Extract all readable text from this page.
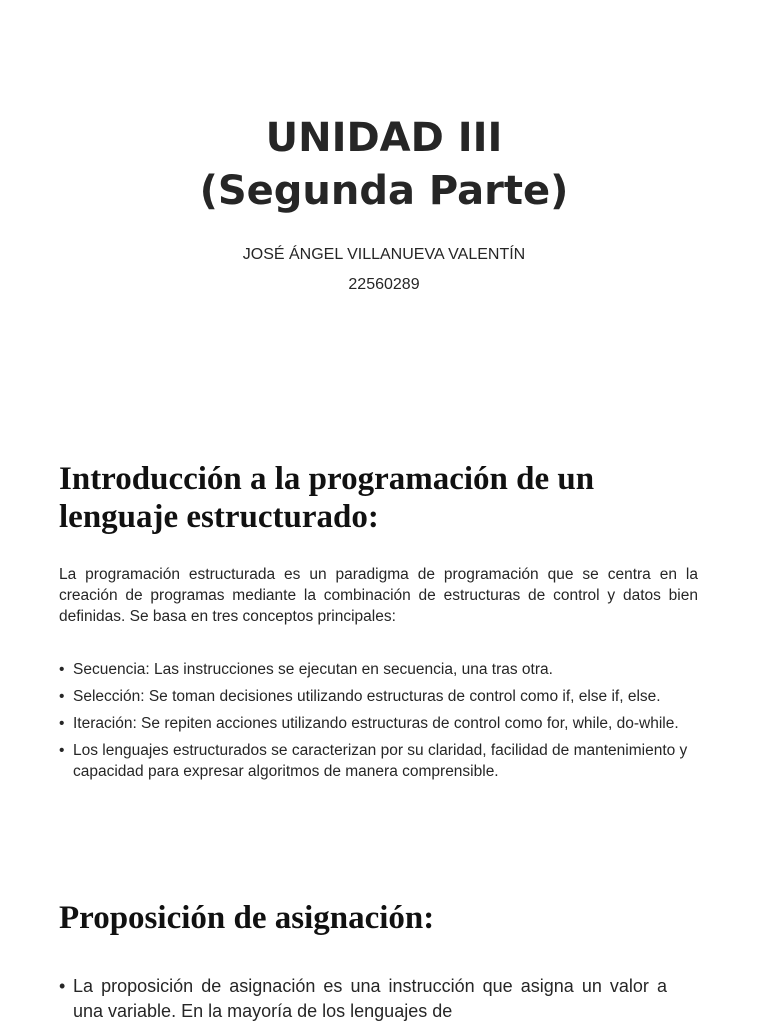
UNIDAD III
(Segunda Parte)
JOSÉ ÁNGEL VILLANUEVA VALENTÍN
22560289
Introducción a la programación de un
lenguaje estructurado:

La programación estructurada es un paradigma de programación que se centra en la creación de programas mediante la combinación de estructuras de control y datos bien definidas. Se basa en tres conceptos principales:

• Secuencia: Las instrucciones se ejecutan en secuencia, una tras otra.
• Selección: Se toman decisiones utilizando estructuras de control como if, else if, else.
• Iteración: Se repiten acciones utilizando estructuras de control como for, while, do-while.
• Los lenguajes estructurados se caracterizan por su claridad, facilidad de mantenimiento y capacidad para expresar algoritmos de manera comprensible.
Proposición de asignación:
• La proposición de asignación es una instrucción que asigna un valor a una variable. En la mayoría de los lenguajes de
